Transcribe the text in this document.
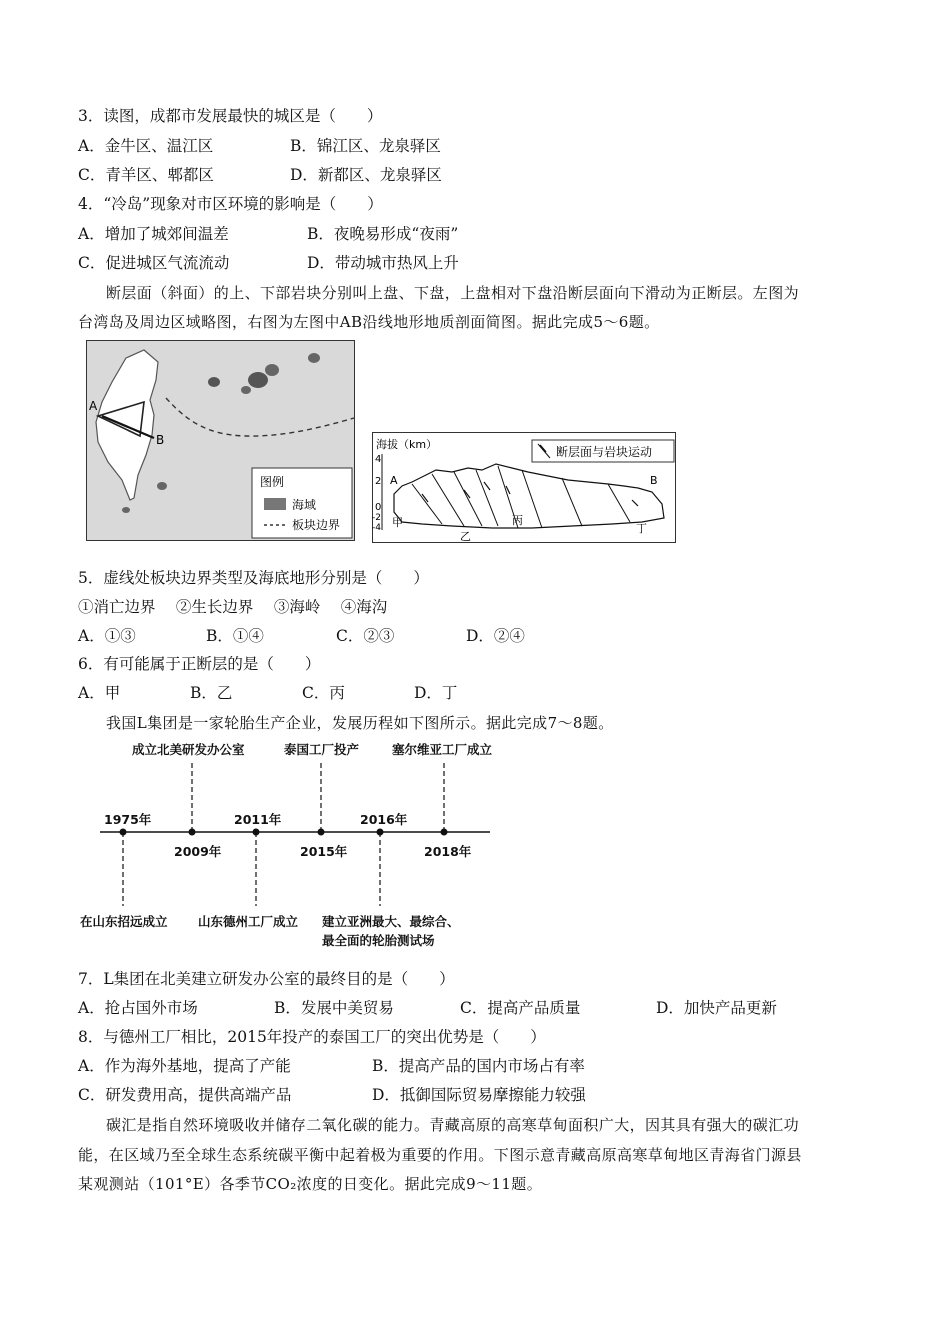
3．读图，成都市发展最快的城区是（　　）
A．金牛区、温江区	B．锦江区、龙泉驿区
C．青羊区、郫都区	D．新都区、龙泉驿区
4．“冷岛”现象对市区环境的影响是（　　）
A．增加了城郊间温差	B．夜晚易形成“夜雨”
C．促进城区气流流动	D．带动城市热风上升
断层面（斜面）的上、下部岩块分别叫上盘、下盘，上盘相对下盘沿断层面向下滑动为正断层。左图为
台湾岛及周边区域略图，右图为左图中AB沿线地形地质剖面简图。据此完成5～6题。
A
B
图例
海域
板块边界
海拔（km）
4
2
0
-2
-4
A	B
断层面与岩块运动
甲
乙
丙
丁
5．虚线处板块边界类型及海底地形分别是（　　）
①消亡边界　 ②生长边界　 ③海岭　 ④海沟
A．①③	B．①④	C．②③	D．②④
6．有可能属于正断层的是（　　）
A．甲	B．乙	C．丙	D．丁
我国L集团是一家轮胎生产企业，发展历程如下图所示。据此完成7～8题。
1975年
2009年
2011年
2015年
2016年
2018年
成立北美研发办公室	泰国工厂投产	塞尔维亚工厂成立
在山东招远成立 山东德州工厂成立 建立亚洲最大、最综合、
最全面的轮胎测试场
7．L集团在北美建立研发办公室的最终目的是（　　）
A．抢占国外市场	B．发展中美贸易	C．提高产品质量	D．加快产品更新
8．与德州工厂相比，2015年投产的泰国工厂的突出优势是（　　）
A．作为海外基地，提高了产能	B．提高产品的国内市场占有率
C．研发费用高，提供高端产品	D．抵御国际贸易摩擦能力较强
碳汇是指自然环境吸收并储存二氧化碳的能力。青藏高原的高寒草甸面积广大，因其具有强大的碳汇功
能，在区域乃至全球生态系统碳平衡中起着极为重要的作用。下图示意青藏高原高寒草甸地区青海省门源县
某观测站（101°E）各季节CO₂浓度的日变化。据此完成9～11题。
